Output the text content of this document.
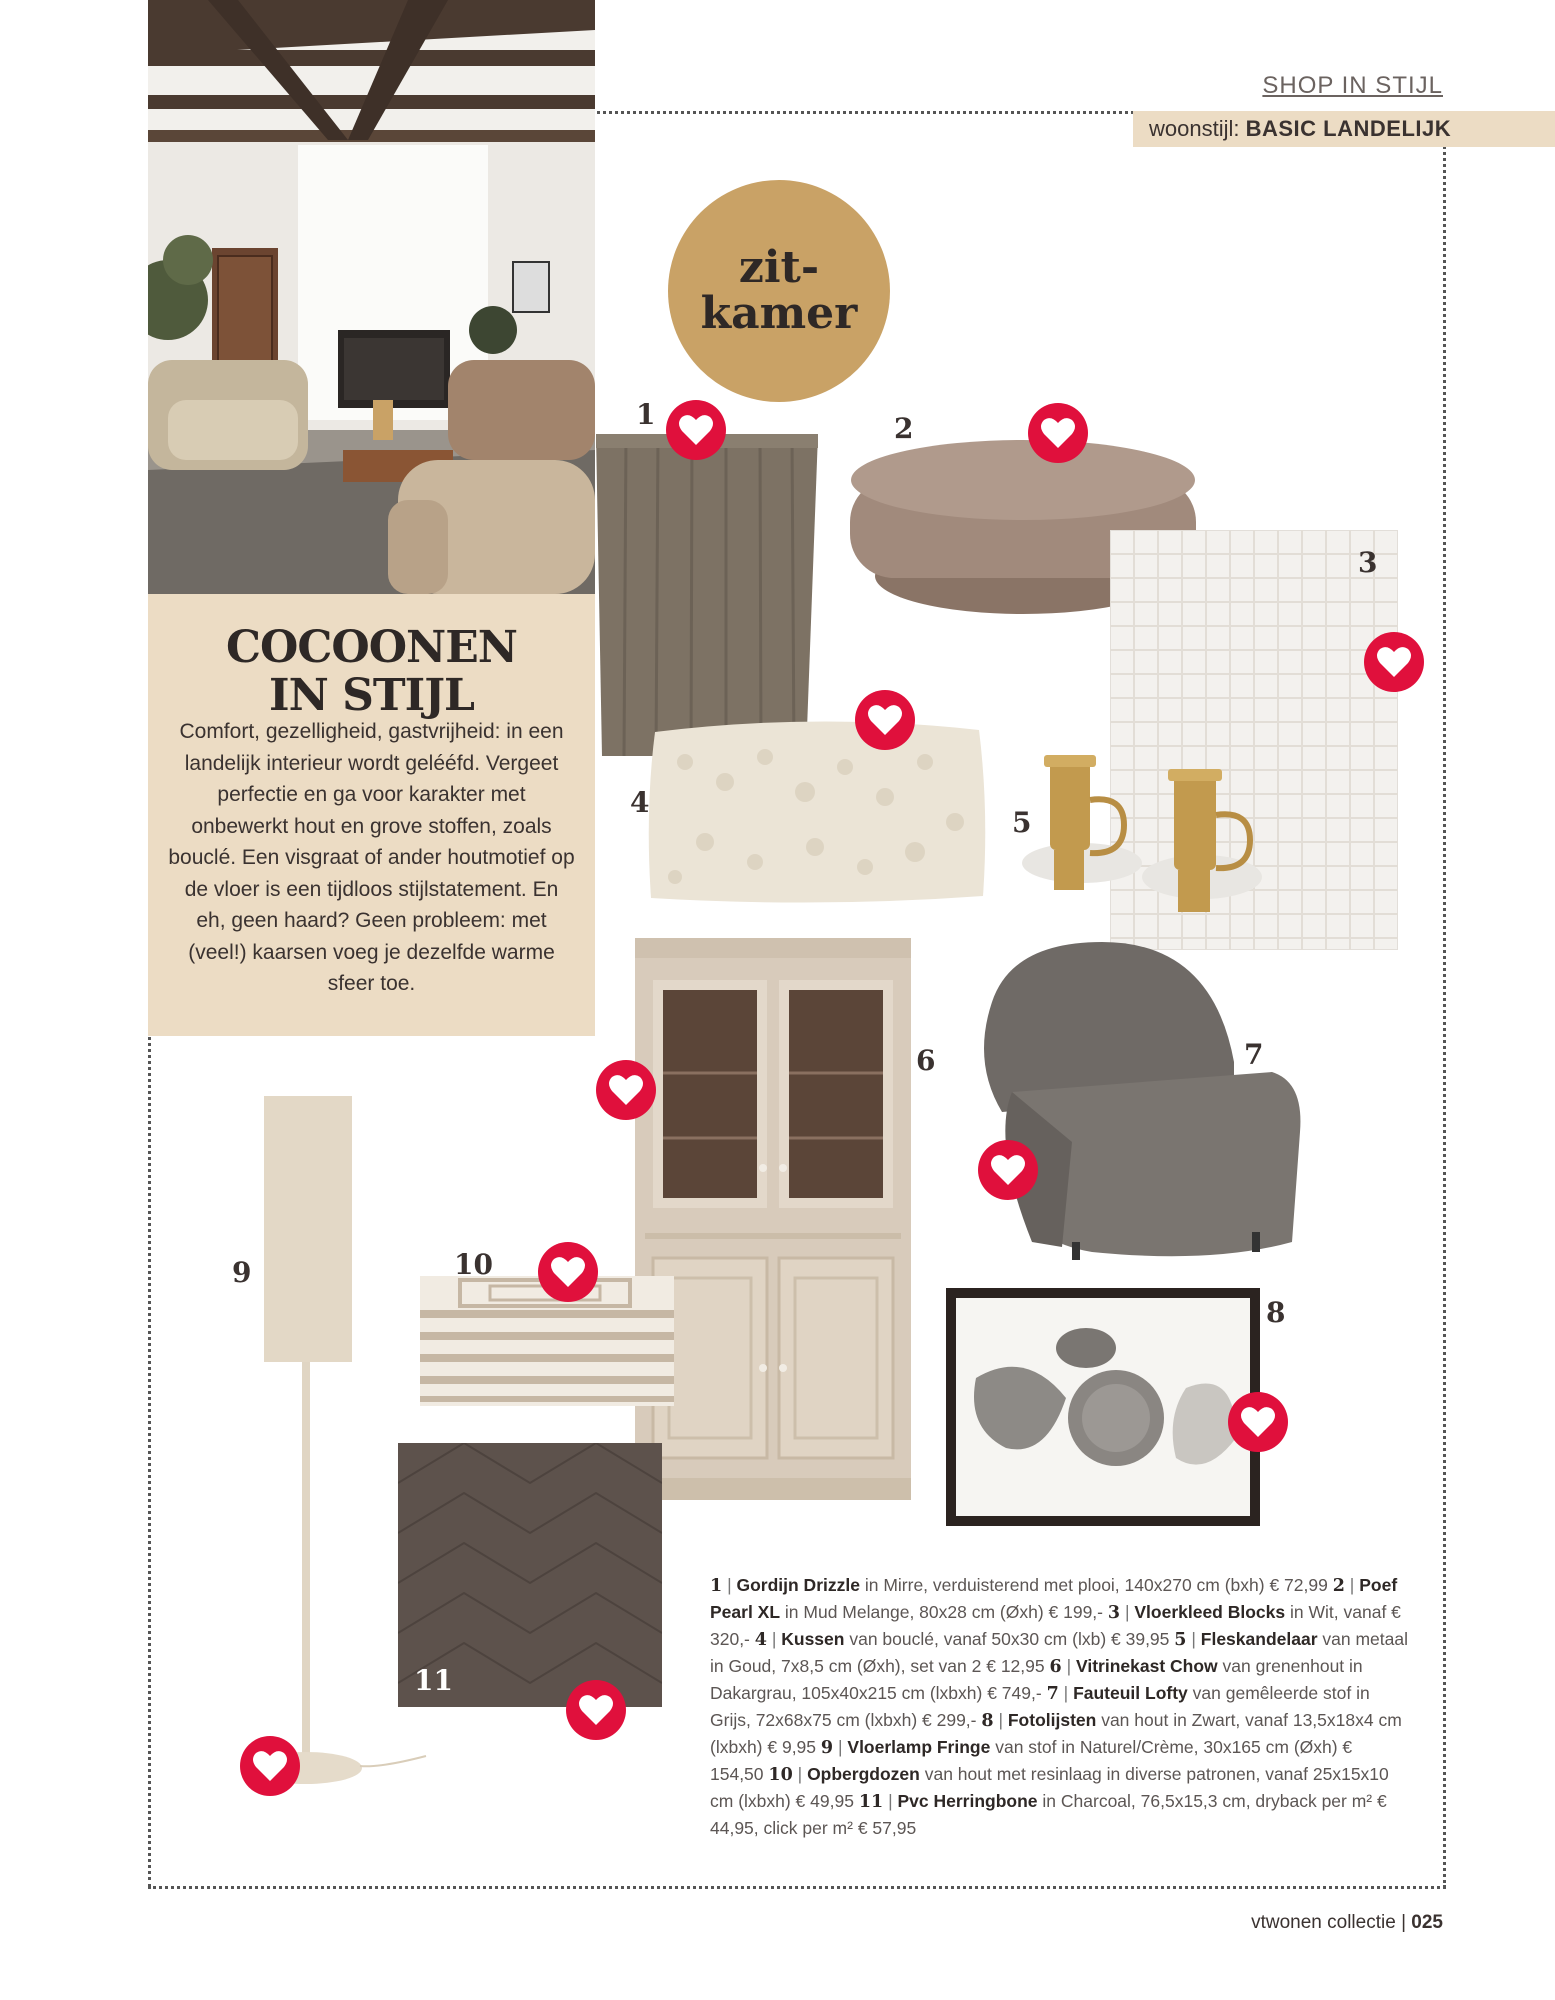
SHOP IN STIJL
woonstijl: BASIC LANDELIJK
COCOONEN
IN STIJL
Comfort, gezelligheid, gastvrijheid: in een landelijk interieur wordt gelééfd. Vergeet perfectie en ga voor karakter met onbewerkt hout en grove stoffen, zoals bouclé. Een visgraat of ander houtmotief op de vloer is een tijdloos stijlstatement. En eh, geen haard? Geen probleem: met (veel!) kaarsen voeg je dezelfde warme sfeer toe.
zit-
kamer
1	2
3
4
5
6	7
8
9	10
11
1 | Gordijn Drizzle in Mirre, verduisterend met plooi, 140x270 cm (bxh) € 72,99 2 | Poef Pearl XL in Mud Melange, 80x28 cm (Øxh) € 199,- 3 | Vloerkleed Blocks in Wit, vanaf € 320,- 4 | Kussen van bouclé, vanaf 50x30 cm (lxb) € 39,95 5 | Fleskandelaar van metaal in Goud, 7x8,5 cm (Øxh), set van 2 € 12,95 6 | Vitrinekast Chow van grenenhout in Dakargrau, 105x40x215 cm (lxbxh) € 749,- 7 | Fauteuil Lofty van gemêleerde stof in Grijs, 72x68x75 cm (lxbxh) € 299,- 8 | Fotolijsten van hout in Zwart, vanaf 13,5x18x4 cm (lxbxh) € 9,95 9 | Vloerlamp Fringe van stof in Naturel/Crème, 30x165 cm (Øxh) € 154,50 10 | Opbergdozen van hout met resinlaag in diverse patronen, vanaf 25x15x10 cm (lxbxh) € 49,95 11 | Pvc Herringbone in Charcoal, 76,5x15,3 cm, dryback per m² € 44,95, click per m² € 57,95
vtwonen collectie | 025
